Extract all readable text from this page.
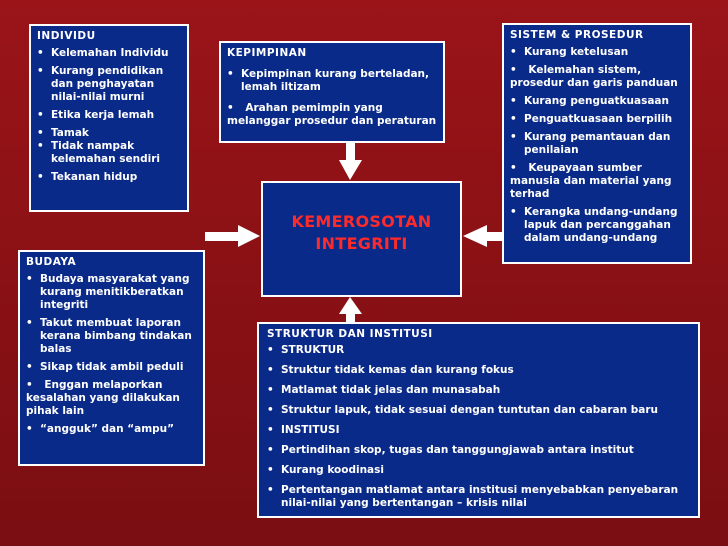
INDIVIDU
• Kelemahan Individu
• Kurang pendidikan dan penghayatan nilai-nilai murni
• Etika kerja lemah
• Tamak
• Tidak nampak kelemahan sendiri
• Tekanan hidup
KEPIMPINAN
• Kepimpinan kurang berteladan, lemah iltizam
• Arahan pemimpin yang
melanggar prosedur dan peraturan
SISTEM & PROSEDUR
• Kurang ketelusan
• Kelemahan sistem,
prosedur dan garis panduan
• Kurang penguatkuasaan
• Penguatkuasaan berpilih
• Kurang pemantauan dan penilaian
• Keupayaan sumber
manusia dan material yang terhad
• Kerangka undang-undang lapuk dan percanggahan dalam undang-undang
BUDAYA
• Budaya masyarakat yang kurang menitikberatkan integriti
• Takut membuat laporan kerana bimbang tindakan balas
• Sikap tidak ambil peduli
• Enggan melaporkan
kesalahan yang dilakukan pihak lain
• “angguk” dan “ampu”
KEMEROSOTAN INTEGRITI
STRUKTUR DAN INSTITUSI
• STRUKTUR
• Struktur tidak kemas dan kurang fokus
• Matlamat tidak jelas dan munasabah
• Struktur lapuk, tidak sesuai dengan tuntutan dan cabaran baru
• INSTITUSI
• Pertindihan skop, tugas dan tanggungjawab antara institut
• Kurang koodinasi
• Pertentangan matlamat antara institusi menyebabkan penyebaran nilai-nilai yang bertentangan – krisis nilai
